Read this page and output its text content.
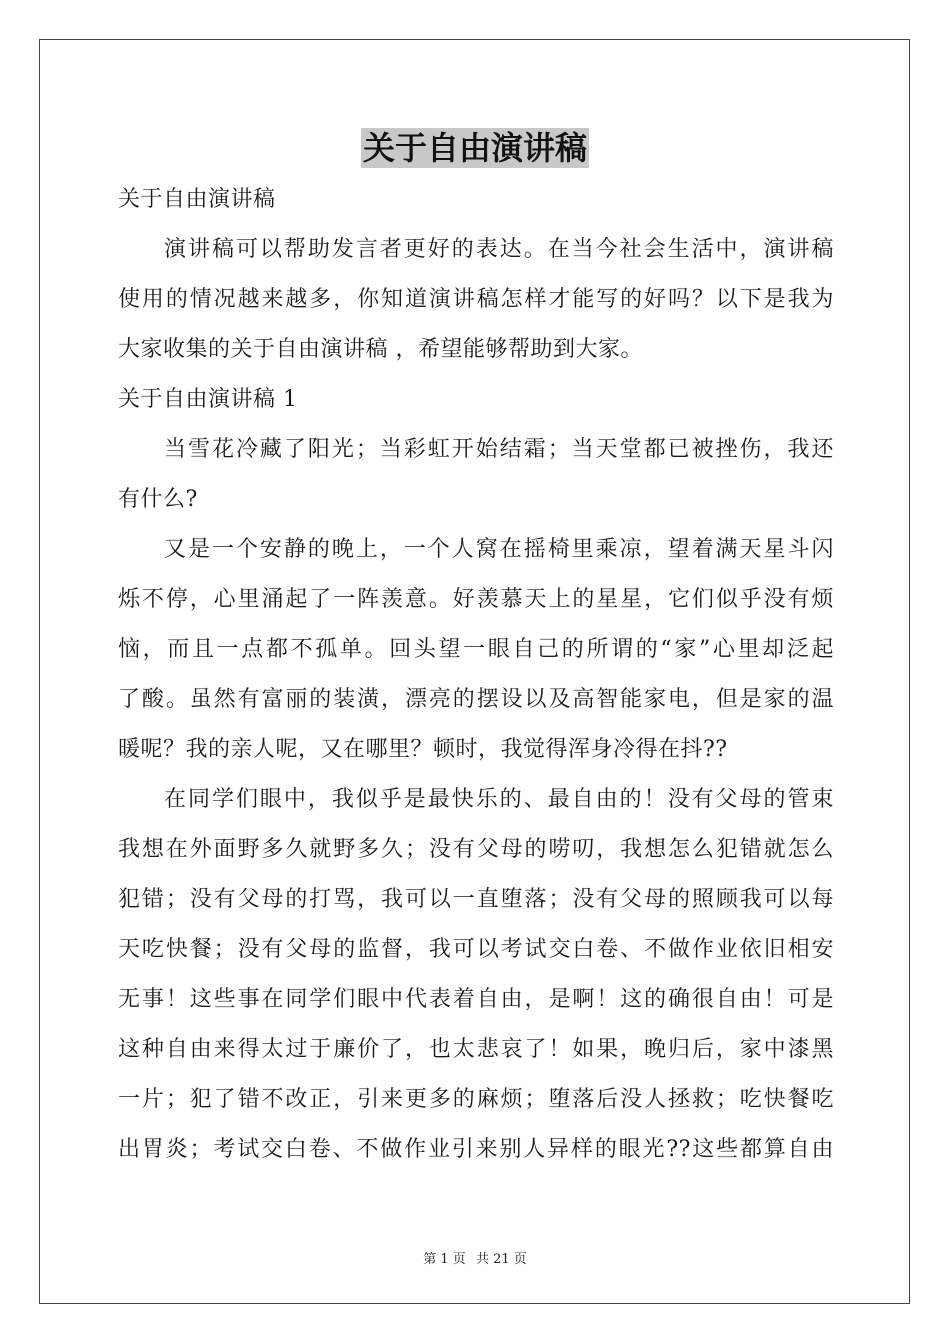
关于自由演讲稿
关于自由演讲稿
演讲稿可以帮助发言者更好的表达。在当今社会生活中，演讲稿
使用的情况越来越多，你知道演讲稿怎样才能写的好吗？以下是我为
大家收集的关于自由演讲稿 ，希望能够帮助到大家。
关于自由演讲稿 1
当雪花冷藏了阳光；当彩虹开始结霜；当天堂都已被挫伤，我还
有什么?
又是一个安静的晚上，一个人窝在摇椅里乘凉，望着满天星斗闪
烁不停，心里涌起了一阵羡意。好羡慕天上的星星，它们似乎没有烦
恼，而且一点都不孤单。回头望一眼自己的所谓的“家”心里却泛起
了酸。虽然有富丽的装潢，漂亮的摆设以及高智能家电，但是家的温
暖呢？我的亲人呢，又在哪里？顿时，我觉得浑身冷得在抖??
在同学们眼中，我似乎是最快乐的、最自由的！没有父母的管束
我想在外面野多久就野多久；没有父母的唠叨，我想怎么犯错就怎么
犯错；没有父母的打骂，我可以一直堕落；没有父母的照顾我可以每
天吃快餐；没有父母的监督，我可以考试交白卷、不做作业依旧相安
无事！这些事在同学们眼中代表着自由，是啊！这的确很自由！可是
这种自由来得太过于廉价了，也太悲哀了！如果，晚归后，家中漆黑
一片；犯了错不改正，引来更多的麻烦；堕落后没人拯救；吃快餐吃
出胃炎；考试交白卷、不做作业引来别人异样的眼光??这些都算自由
第 1 页 共 21 页
